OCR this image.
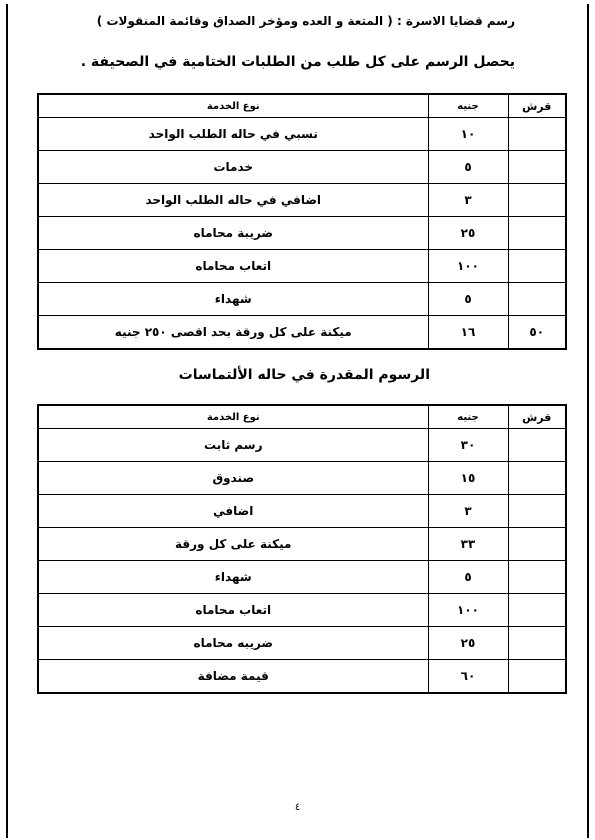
رسم قضايا الاسرة : ( المتعة و العده ومؤخر الصداق وقائمة المنقولات )
يحصل الرسم على كل طلب من الطلبات الختامية في الصحيفة .
قرش	جنيه	نوع الخدمة
	١٠	نسبي في حاله الطلب الواحد
	٥	خدمات
	٣	اضافي في حاله الطلب الواحد
	٢٥	ضريبة محاماه
	١٠٠	اتعاب محاماه
	٥	شهداء
٥٠	١٦	ميكنة على كل ورقة بحد اقصى ٢٥٠ جنيه
الرسوم المقدرة في حاله الألتماسات
قرش	جنيه	نوع الخدمة
	٣٠	رسم ثابت
	١٥	صندوق
	٣	اضافي
	٣٣	ميكنة على كل ورقة
	٥	شهداء
	١٠٠	اتعاب محاماه
	٢٥	ضريبه محاماه
	٦٠	قيمة مضافة
٤
